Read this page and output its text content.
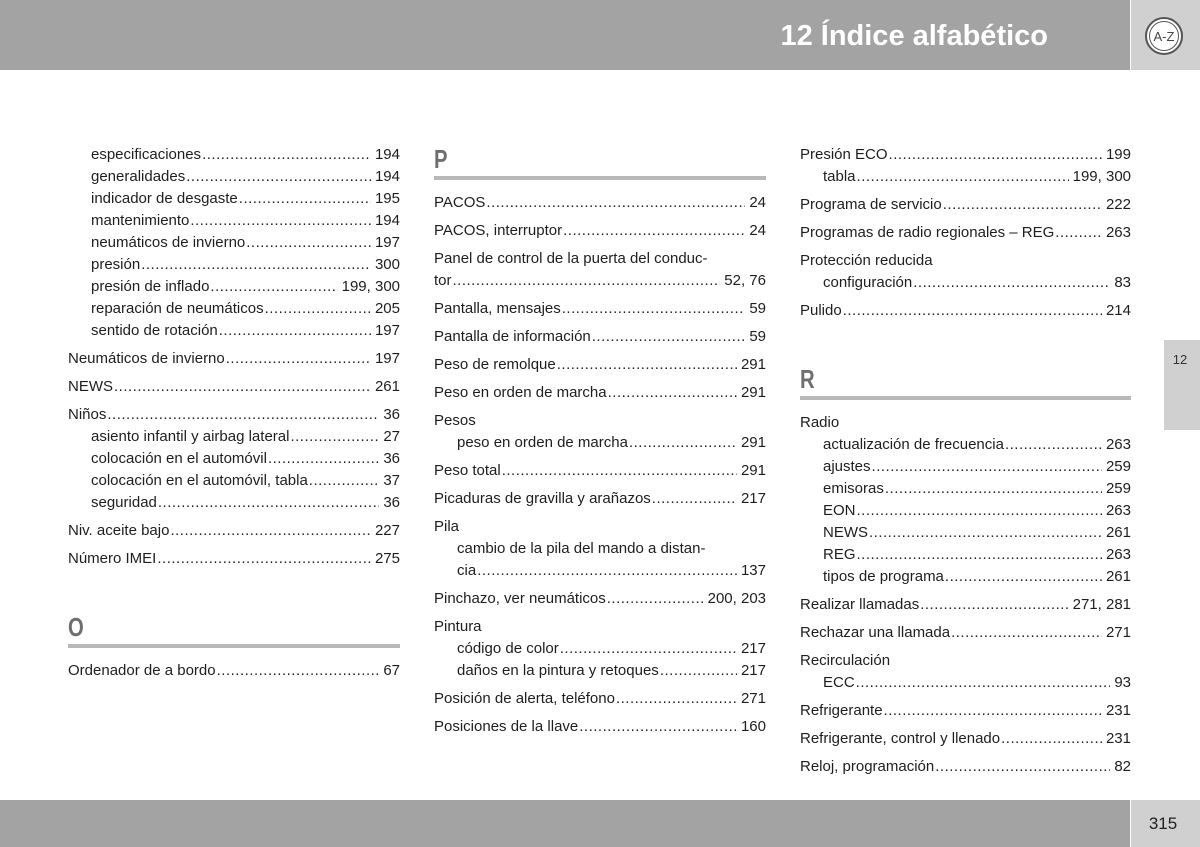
12 Índice alfabético	A-Z
12
especificaciones .....	194
generalidades .....	194
indicador de desgaste .....	195
mantenimiento .....	194
neumáticos de invierno .....	197
presión .....	300
presión de inflado .....	199, 300
reparación de neumáticos .....	205
sentido de rotación .....	197
Neumáticos de invierno .....	197
NEWS .....	261
Niños .....	36
asiento infantil y airbag lateral .....	27
colocación en el automóvil .....	36
colocación en el automóvil, tabla .....	37
seguridad .....	36
Niv. aceite bajo .....	227
Número IMEI .....	275
O
Ordenador de a bordo .....	67
P
PACOS .....	24
PACOS, interruptor .....	24
Panel de control de la puerta del conduc-
tor .....	52, 76
Pantalla, mensajes .....	59
Pantalla de información .....	59
Peso de remolque .....	291
Peso en orden de marcha .....	291
Pesos
peso en orden de marcha .....	291
Peso total .....	291
Picaduras de gravilla y arañazos .....	217
Pila
cambio de la pila del mando a distan-
cia .....	137
Pinchazo, ver neumáticos .....	200, 203
Pintura
código de color .....	217
daños en la pintura y retoques .....	217
Posición de alerta, teléfono .....	271
Posiciones de la llave .....	160
Presión ECO .....	199
tabla .....	199, 300
Programa de servicio .....	222
Programas de radio regionales – REG .....	263
Protección reducida
configuración .....	83
Pulido .....	214
R
Radio
actualización de frecuencia .....	263
ajustes .....	259
emisoras .....	259
EON .....	263
NEWS .....	261
REG .....	263
tipos de programa .....	261
Realizar llamadas .....	271, 281
Rechazar una llamada .....	271
Recirculación
ECC .....	93
Refrigerante .....	231
Refrigerante, control y llenado .....	231
Reloj, programación .....	82
315
